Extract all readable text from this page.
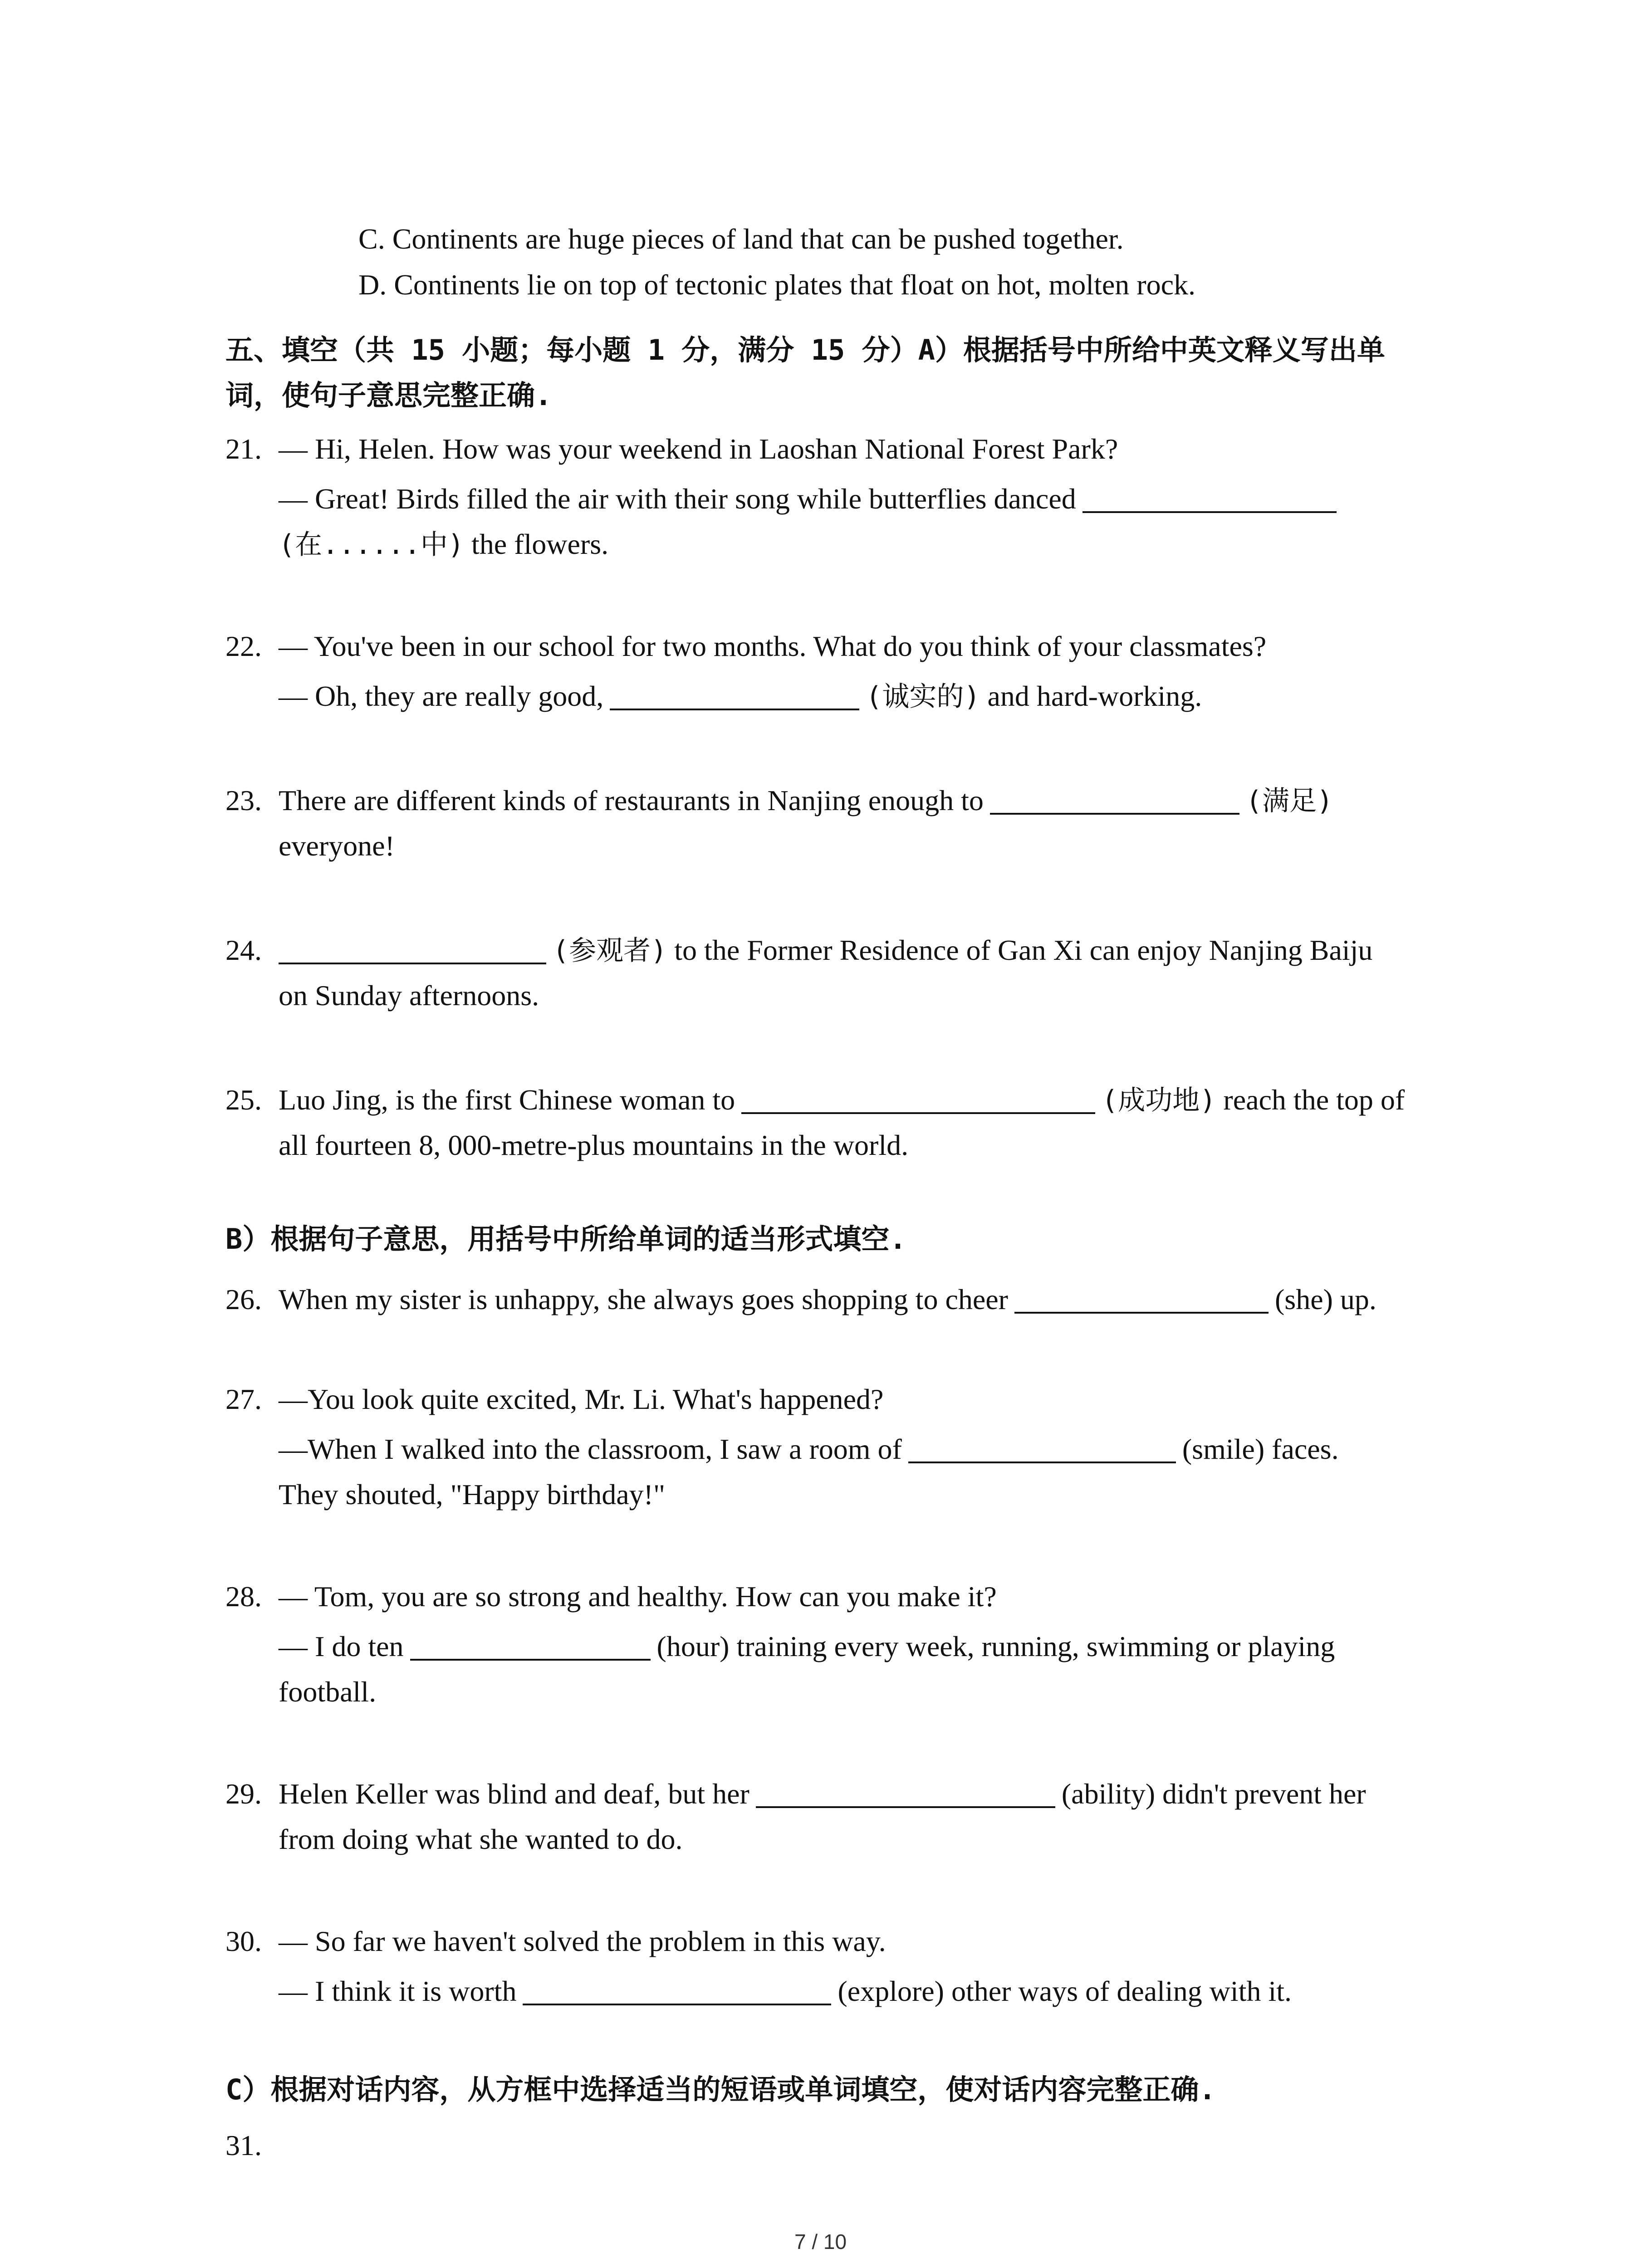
C. Continents are huge pieces of land that can be pushed together.
D. Continents lie on top of tectonic plates that float on hot, molten rock.
五、填空（共 15 小题；每小题 1 分，满分 15 分）A）根据括号中所给中英文释义写出单
词，使句子意思完整正确.
21. — Hi, Helen. How was your weekend in Laoshan National Forest Park?
— Great! Birds filled the air with their song while butterflies danced
(在......中) the flowers.
22. — You've been in our school for two months. What do you think of your classmates?
— Oh, they are really good,	(诚实的) and hard-working.
23. There are different kinds of restaurants in Nanjing enough to	(满足)
everyone!
24.	(参观者) to the Former Residence of Gan Xi can enjoy Nanjing Baiju
on Sunday afternoons.
25. Luo Jing, is the first Chinese woman to	(成功地) reach the top of
all fourteen 8, 000-metre-plus mountains in the world.
B）根据句子意思，用括号中所给单词的适当形式填空.
26. When my sister is unhappy, she always goes shopping to cheer	(she) up.
27. —You look quite excited, Mr. Li. What's happened?
—When I walked into the classroom, I saw a room of	(smile) faces.
They shouted, "Happy birthday!"
28. — Tom, you are so strong and healthy. How can you make it?
— I do ten	(hour) training every week, running, swimming or playing
football.
29. Helen Keller was blind and deaf, but her	(ability) didn't prevent her
from doing what she wanted to do.
30. — So far we haven't solved the problem in this way.
— I think it is worth	(explore) other ways of dealing with it.
C）根据对话内容，从方框中选择适当的短语或单词填空，使对话内容完整正确.
31.
7 / 10
